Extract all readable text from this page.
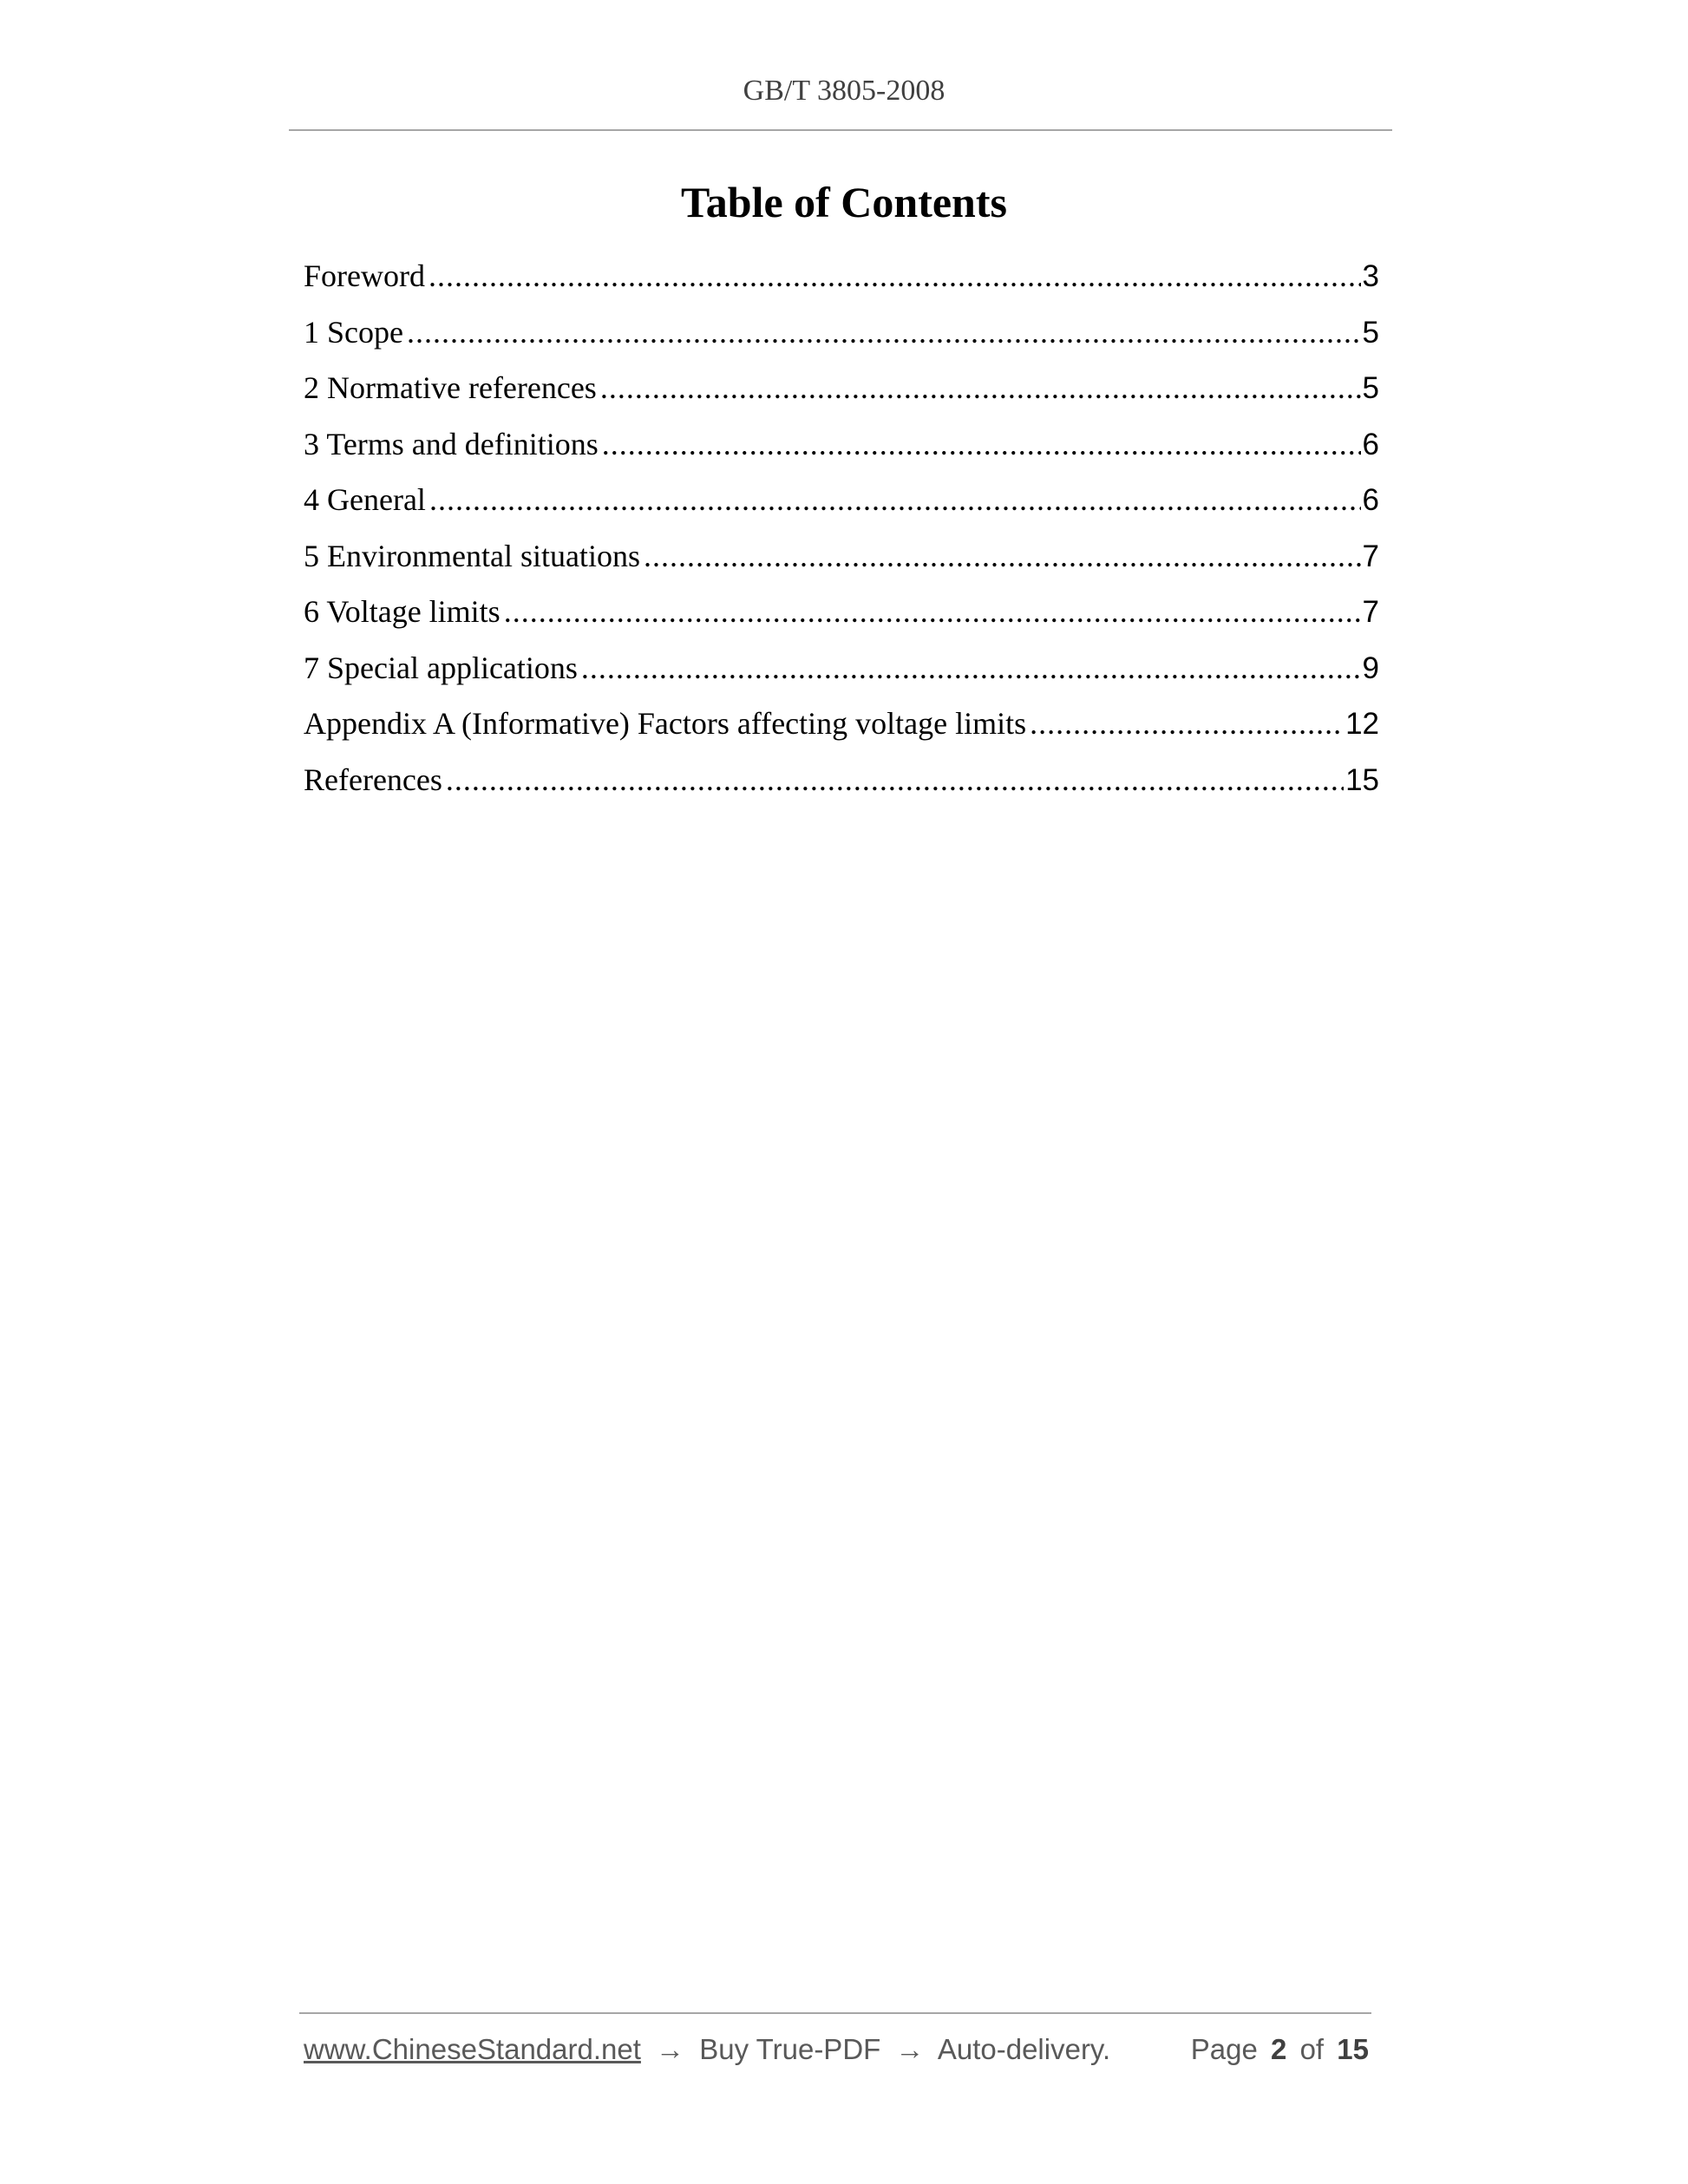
GB/T 3805-2008
Table of Contents
Foreword .....	3
1 Scope .....	5
2 Normative references .....	5
3 Terms and definitions .....	6
4 General .....	6
5 Environmental situations .....	7
6 Voltage limits .....	7
7 Special applications .....	9
Appendix A (Informative) Factors affecting voltage limits .....	12
References .....	15
www.ChineseStandard.net → Buy True-PDF → Auto-delivery.	Page 2 of 15
